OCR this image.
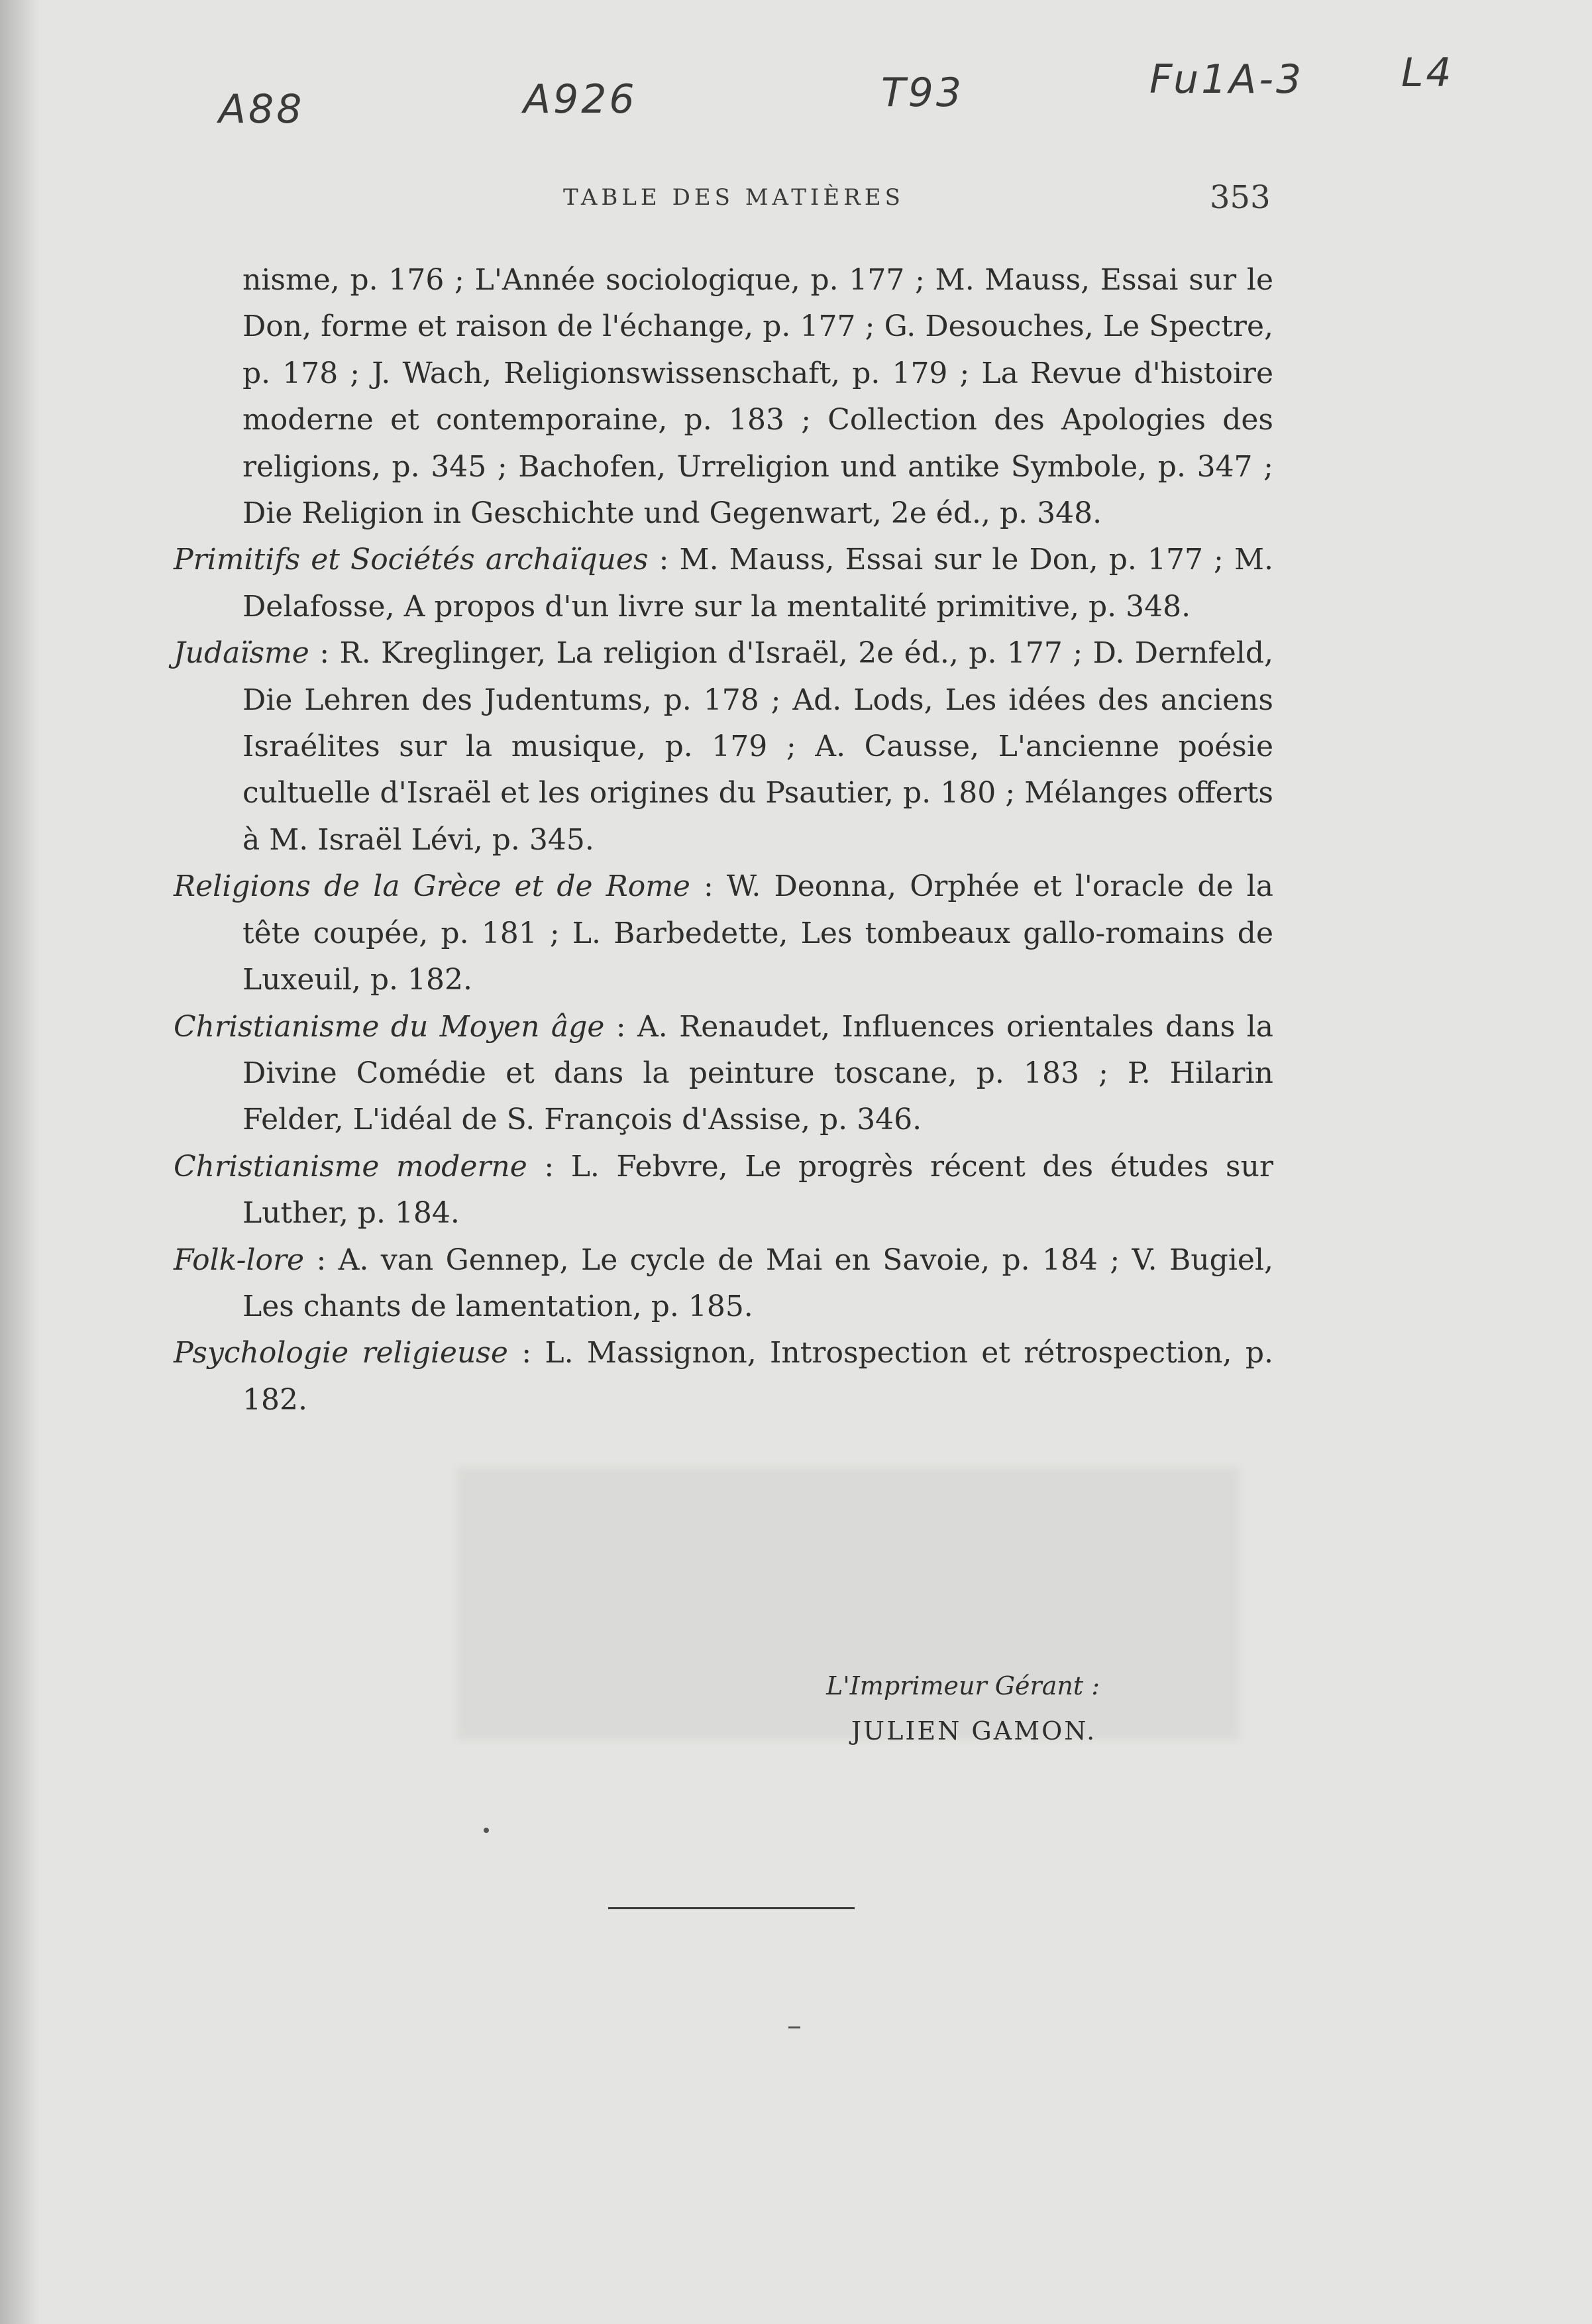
A88	A926	T93	Fu1A-3 L4
TABLE DES MATIÈRES	353

nisme, p. 176 ; L'Année sociologique, p. 177 ; M. Mauss, Essai sur le Don, forme et raison de l'échange, p. 177 ; G. Desouches, Le Spectre, p. 178 ; J. Wach, Religionswissenschaft, p. 179 ; La Revue d'histoire moderne et contemporaine, p. 183 ; Collection des Apologies des religions, p. 345 ; Bachofen, Urreligion und antike Symbole, p. 347 ; Die Religion in Geschichte und Gegenwart, 2e éd., p. 348.

Primitifs et Sociétés archaïques : M. Mauss, Essai sur le Don, p. 177 ; M. Delafosse, A propos d'un livre sur la mentalité primitive, p. 348.

Judaïsme : R. Kreglinger, La religion d'Israël, 2e éd., p. 177 ; D. Dernfeld, Die Lehren des Judentums, p. 178 ; Ad. Lods, Les idées des anciens Israélites sur la musique, p. 179 ; A. Causse, L'ancienne poésie cultuelle d'Israël et les origines du Psautier, p. 180 ; Mélanges offerts à M. Israël Lévi, p. 345.

Religions de la Grèce et de Rome : W. Deonna, Orphée et l'oracle de la tête coupée, p. 181 ; L. Barbedette, Les tombeaux gallo-romains de Luxeuil, p. 182.

Christianisme du Moyen âge : A. Renaudet, Influences orientales dans la Divine Comédie et dans la peinture toscane, p. 183 ; P. Hilarin Felder, L'idéal de S. François d'Assise, p. 346.

Christianisme moderne : L. Febvre, Le progrès récent des études sur Luther, p. 184.

Folk-lore : A. van Gennep, Le cycle de Mai en Savoie, p. 184 ; V. Bugiel, Les chants de lamentation, p. 185.

Psychologie religieuse : L. Massignon, Introspection et rétrospection, p. 182.

L'Imprimeur Gérant :
JULIEN GAMON.
